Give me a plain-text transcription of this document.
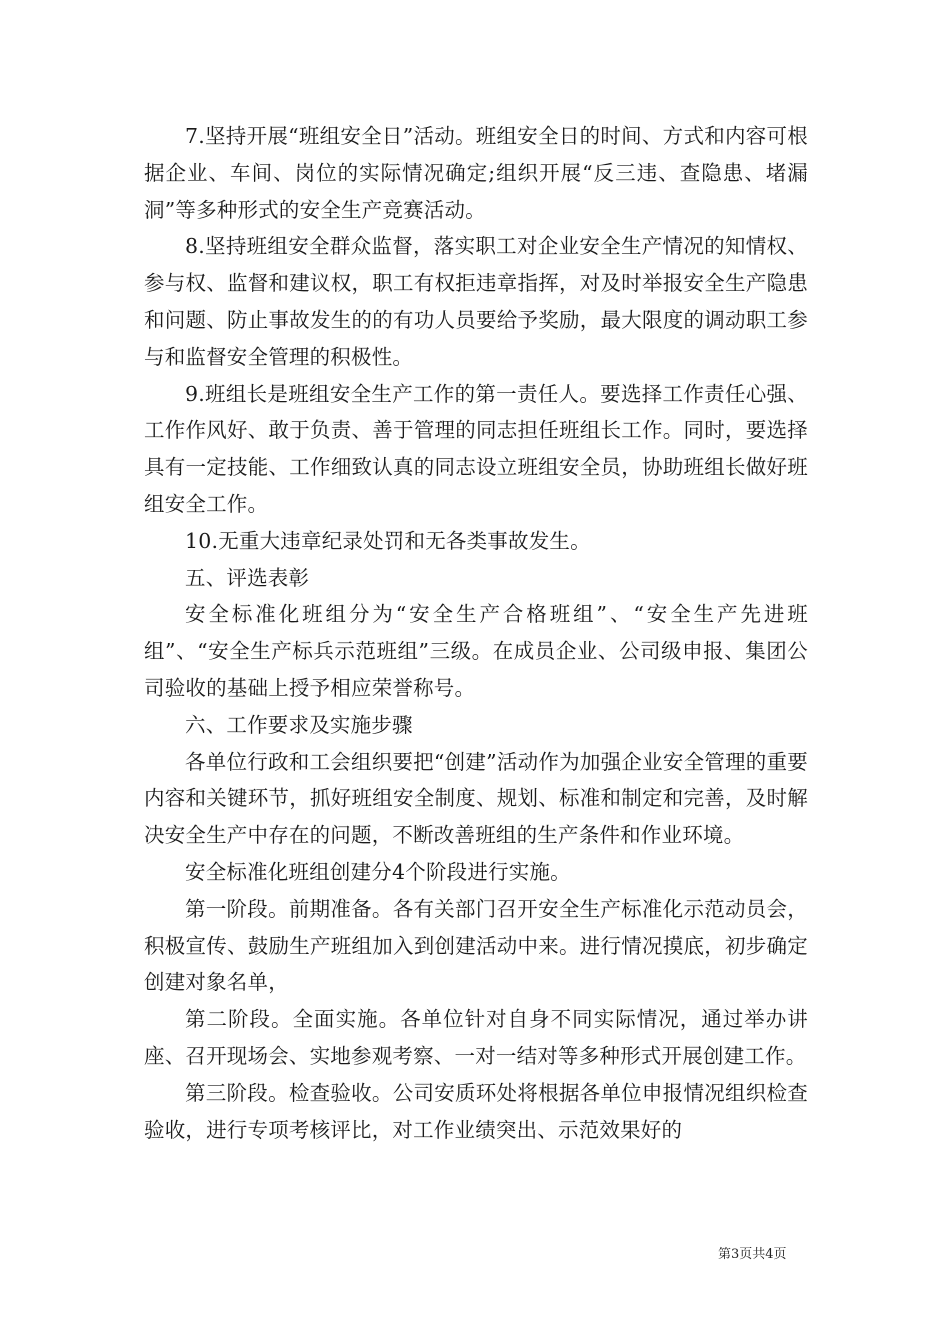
7.坚持开展“班组安全日”活动。班组安全日的时间、方式和内容可根据企业、车间、岗位的实际情况确定;组织开展“反三违、查隐患、堵漏洞”等多种形式的安全生产竞赛活动。

8.坚持班组安全群众监督，落实职工对企业安全生产情况的知情权、参与权、监督和建议权，职工有权拒违章指挥，对及时举报安全生产隐患和问题、防止事故发生的的有功人员要给予奖励，最大限度的调动职工参与和监督安全管理的积极性。

9.班组长是班组安全生产工作的第一责任人。要选择工作责任心强、工作作风好、敢于负责、善于管理的同志担任班组长工作。同时，要选择具有一定技能、工作细致认真的同志设立班组安全员，协助班组长做好班组安全工作。

10.无重大违章纪录处罚和无各类事故发生。

五、评选表彰

安全标准化班组分为“安全生产合格班组”、“安全生产先进班组”、“安全生产标兵示范班组”三级。在成员企业、公司级申报、集团公司验收的基础上授予相应荣誉称号。

六、工作要求及实施步骤

各单位行政和工会组织要把“创建”活动作为加强企业安全管理的重要内容和关键环节，抓好班组安全制度、规划、标准和制定和完善，及时解决安全生产中存在的问题，不断改善班组的生产条件和作业环境。

安全标准化班组创建分4个阶段进行实施。

第一阶段。前期准备。各有关部门召开安全生产标准化示范动员会，积极宣传、鼓励生产班组加入到创建活动中来。进行情况摸底，初步确定创建对象名单，

第二阶段。全面实施。各单位针对自身不同实际情况，通过举办讲座、召开现场会、实地参观考察、一对一结对等多种形式开展创建工作。

第三阶段。检查验收。公司安质环处将根据各单位申报情况组织检查验收，进行专项考核评比，对工作业绩突出、示范效果好的

第3页共4页
